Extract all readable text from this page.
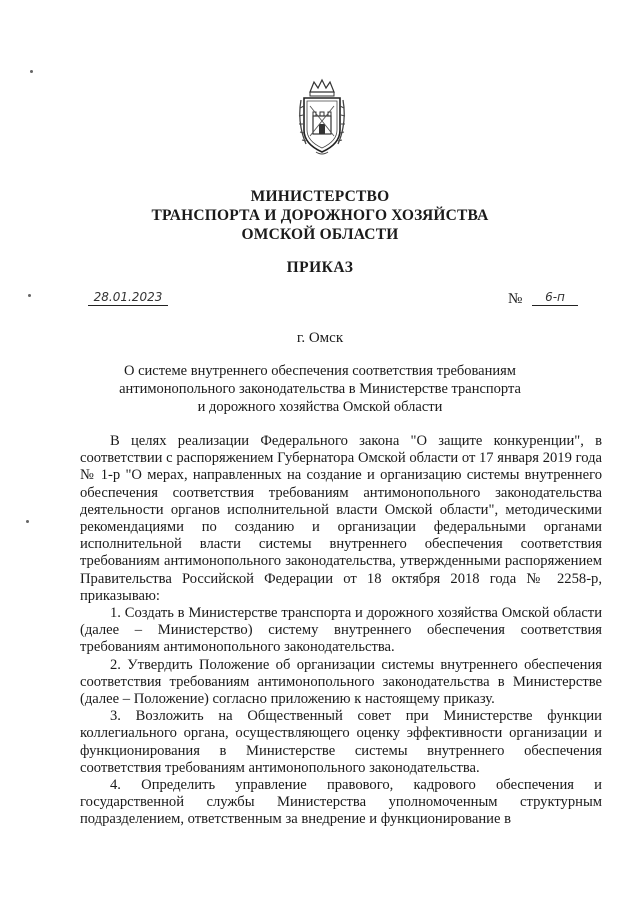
МИНИСТЕРСТВО
ТРАНСПОРТА И ДОРОЖНОГО ХОЗЯЙСТВА
ОМСКОЙ ОБЛАСТИ
ПРИКАЗ
28.01.2023	№	6-п
г. Омск
О системе внутреннего обеспечения соответствия требованиям
антимонопольного законодательства в Министерстве транспорта
и дорожного хозяйства Омской области

В целях реализации Федерального закона "О защите конкуренции", в соответствии с распоряжением Губернатора Омской области от 17 января 2019 года № 1-р "О мерах, направленных на создание и организацию системы внутреннего обеспечения соответствия требованиям антимонопольного законодательства деятельности органов исполнительной власти Омской области", методическими рекомендациями по созданию и организации федеральными органами исполнительной власти системы внутреннего обеспечения соответствия требованиям антимонопольного законодательства, утвержденными распоряжением Правительства Российской Федерации от 18 октября 2018 года № 2258-р, приказываю:

1. Создать в Министерстве транспорта и дорожного хозяйства Омской области (далее – Министерство) систему внутреннего обеспечения соответствия требованиям антимонопольного законодательства.

2. Утвердить Положение об организации системы внутреннего обеспечения соответствия требованиям антимонопольного законодательства в Министерстве (далее – Положение) согласно приложению к настоящему приказу.

3. Возложить на Общественный совет при Министерстве функции коллегиального органа, осуществляющего оценку эффективности организации и функционирования в Министерстве системы внутреннего обеспечения соответствия требованиям антимонопольного законодательства.

4. Определить управление правового, кадрового обеспечения и государственной службы Министерства уполномоченным структурным подразделением, ответственным за внедрение и функционирование в
